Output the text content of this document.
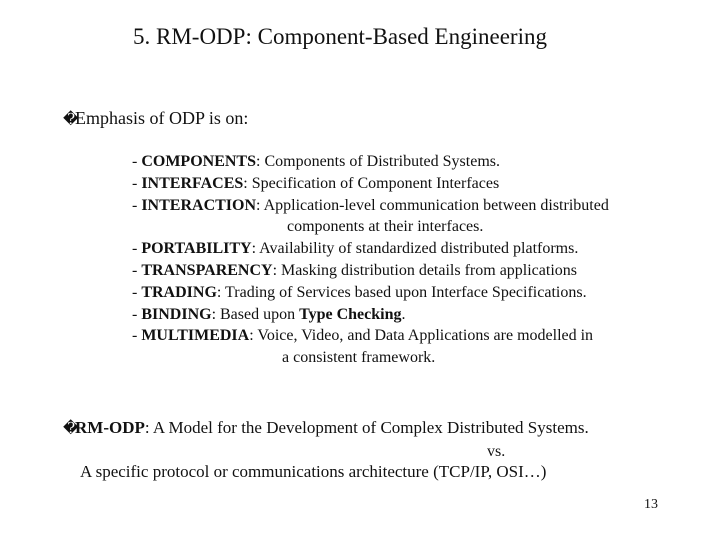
5. RM-ODP: Component-Based Engineering
�Emphasis of ODP is on:
- COMPONENTS: Components of Distributed Systems.
- INTERFACES: Specification of Component Interfaces
- INTERACTION: Application-level communication between distributed
components at their interfaces.
- PORTABILITY: Availability of standardized distributed platforms.
- TRANSPARENCY: Masking distribution details from applications
- TRADING: Trading of Services based upon Interface Specifications.
- BINDING: Based upon Type Checking.
- MULTIMEDIA: Voice, Video, and Data Applications are modelled in
a consistent framework.
�RM-ODP: A Model for the Development of Complex Distributed Systems.
vs.
A specific protocol or communications architecture (TCP/IP, OSI…)
13
